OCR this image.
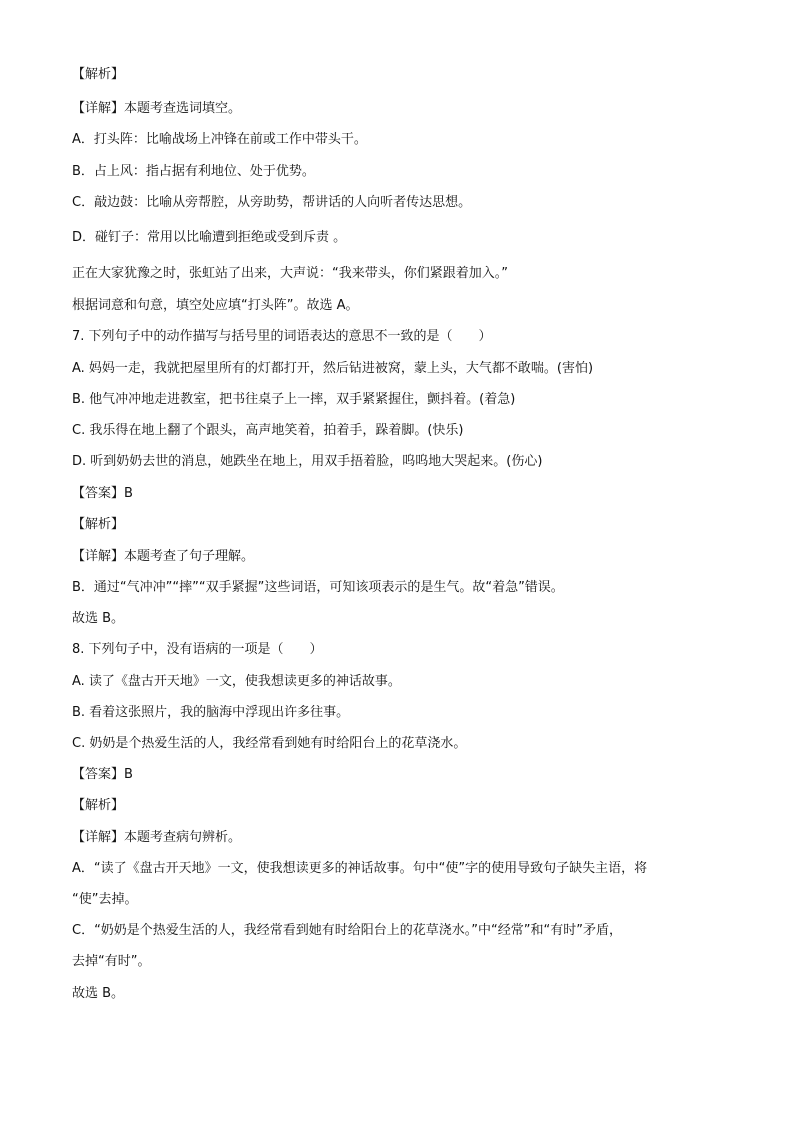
【解析】
【详解】本题考查选词填空。
A．打头阵：比喻战场上冲锋在前或工作中带头干。
B．占上风：指占据有利地位、处于优势。
C．敲边鼓：比喻从旁帮腔，从旁助势，帮讲话的人向听者传达思想。
D．碰钉子：常用以比喻遭到拒绝或受到斥责 。
正在大家犹豫之时，张虹站了出来，大声说：“我来带头，你们紧跟着加入。”
根据词意和句意，填空处应填“打头阵”。故选 A。
7. 下列句子中的动作描写与括号里的词语表达的意思不一致的是（　　）
A. 妈妈一走，我就把屋里所有的灯都打开，然后钻进被窝，蒙上头，大气都不敢喘。(害怕)
B. 他气冲冲地走进教室，把书往桌子上一摔，双手紧紧握住，颤抖着。(着急)
C. 我乐得在地上翻了个跟头，高声地笑着，拍着手，跺着脚。(快乐)
D. 听到奶奶去世的消息，她跌坐在地上，用双手捂着脸，呜呜地大哭起来。(伤心)
【答案】B
【解析】
【详解】本题考查了句子理解。
B．通过“气冲冲”“摔”“双手紧握”这些词语，可知该项表示的是生气。故“着急”错误。
故选 B。
8. 下列句子中，没有语病的一项是（　　）
A. 读了《盘古开天地》一文，使我想读更多的神话故事。
B. 看着这张照片，我的脑海中浮现出许多往事。
C. 奶奶是个热爱生活的人，我经常看到她有时给阳台上的花草浇水。
【答案】B
【解析】
【详解】本题考查病句辨析。
A．“读了《盘古开天地》一文，使我想读更多的神话故事。句中“使”字的使用导致句子缺失主语，将
“使”去掉。
C．“奶奶是个热爱生活的人，我经常看到她有时给阳台上的花草浇水。”中“经常”和“有时”矛盾，
去掉“有时”。
故选 B。
